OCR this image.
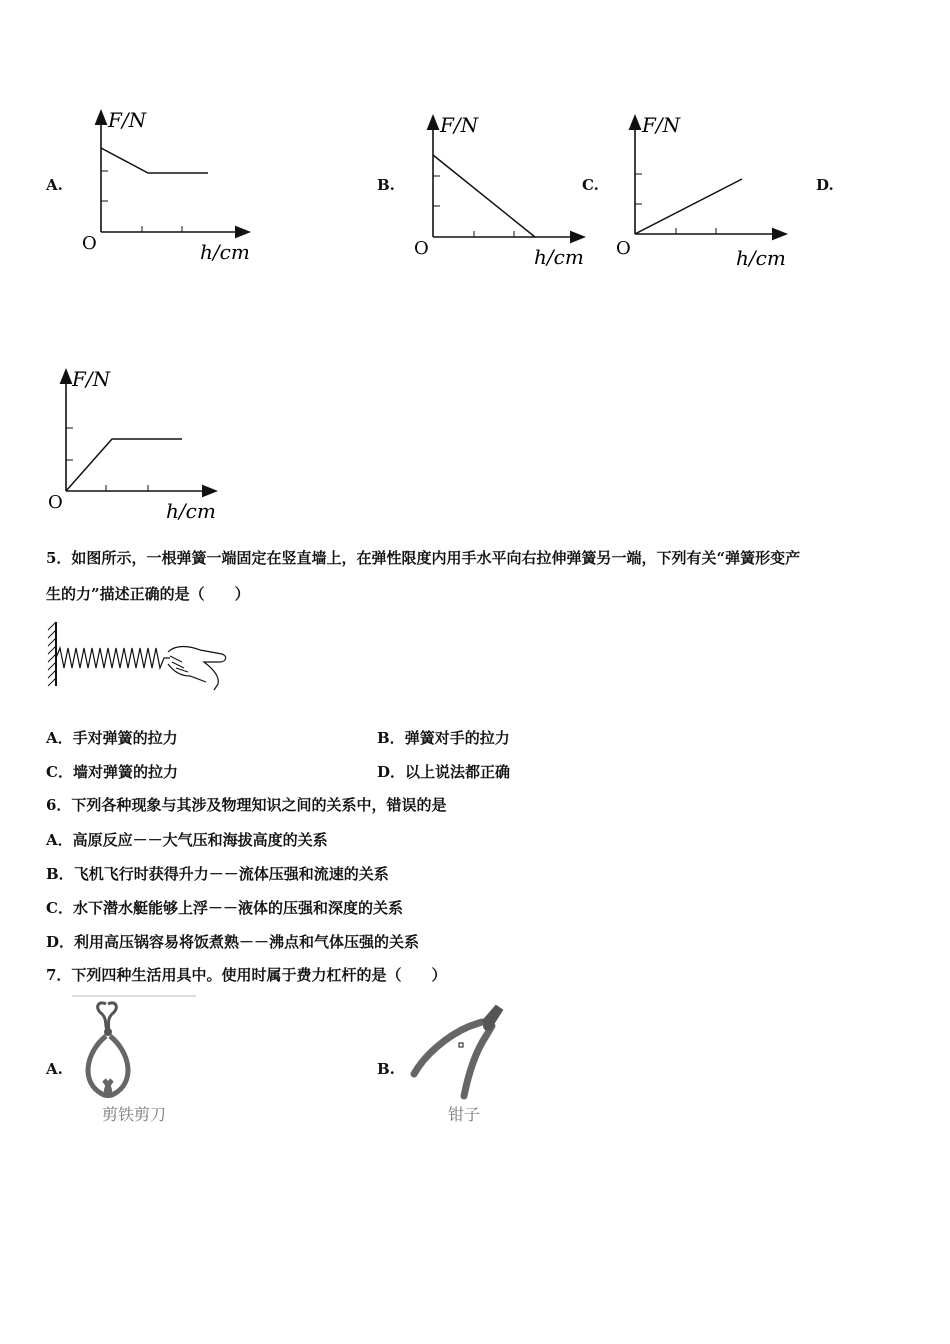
A.	B.	C.	D.
F/N
O	h/cm
F/N
O	h/cm
F/N
O	h/cm
F/N
O	h/cm
5．如图所示，一根弹簧一端固定在竖直墙上，在弹性限度内用手水平向右拉伸弹簧另一端，下列有关“弹簧形变产
生的力”描述正确的是（　　）
A．手对弹簧的拉力	B．弹簧对手的拉力
C．墙对弹簧的拉力	D．以上说法都正确
6．下列各种现象与其涉及物理知识之间的关系中，错误的是
A．高原反应－－大气压和海拔高度的关系
B．飞机飞行时获得升力－－流体压强和流速的关系
C．水下潜水艇能够上浮－－液体的压强和深度的关系
D．利用高压锅容易将饭煮熟－－沸点和气体压强的关系
7．下列四种生活用具中。使用时属于费力杠杆的是（　　）
A.
剪铁剪刀
B.
钳子
